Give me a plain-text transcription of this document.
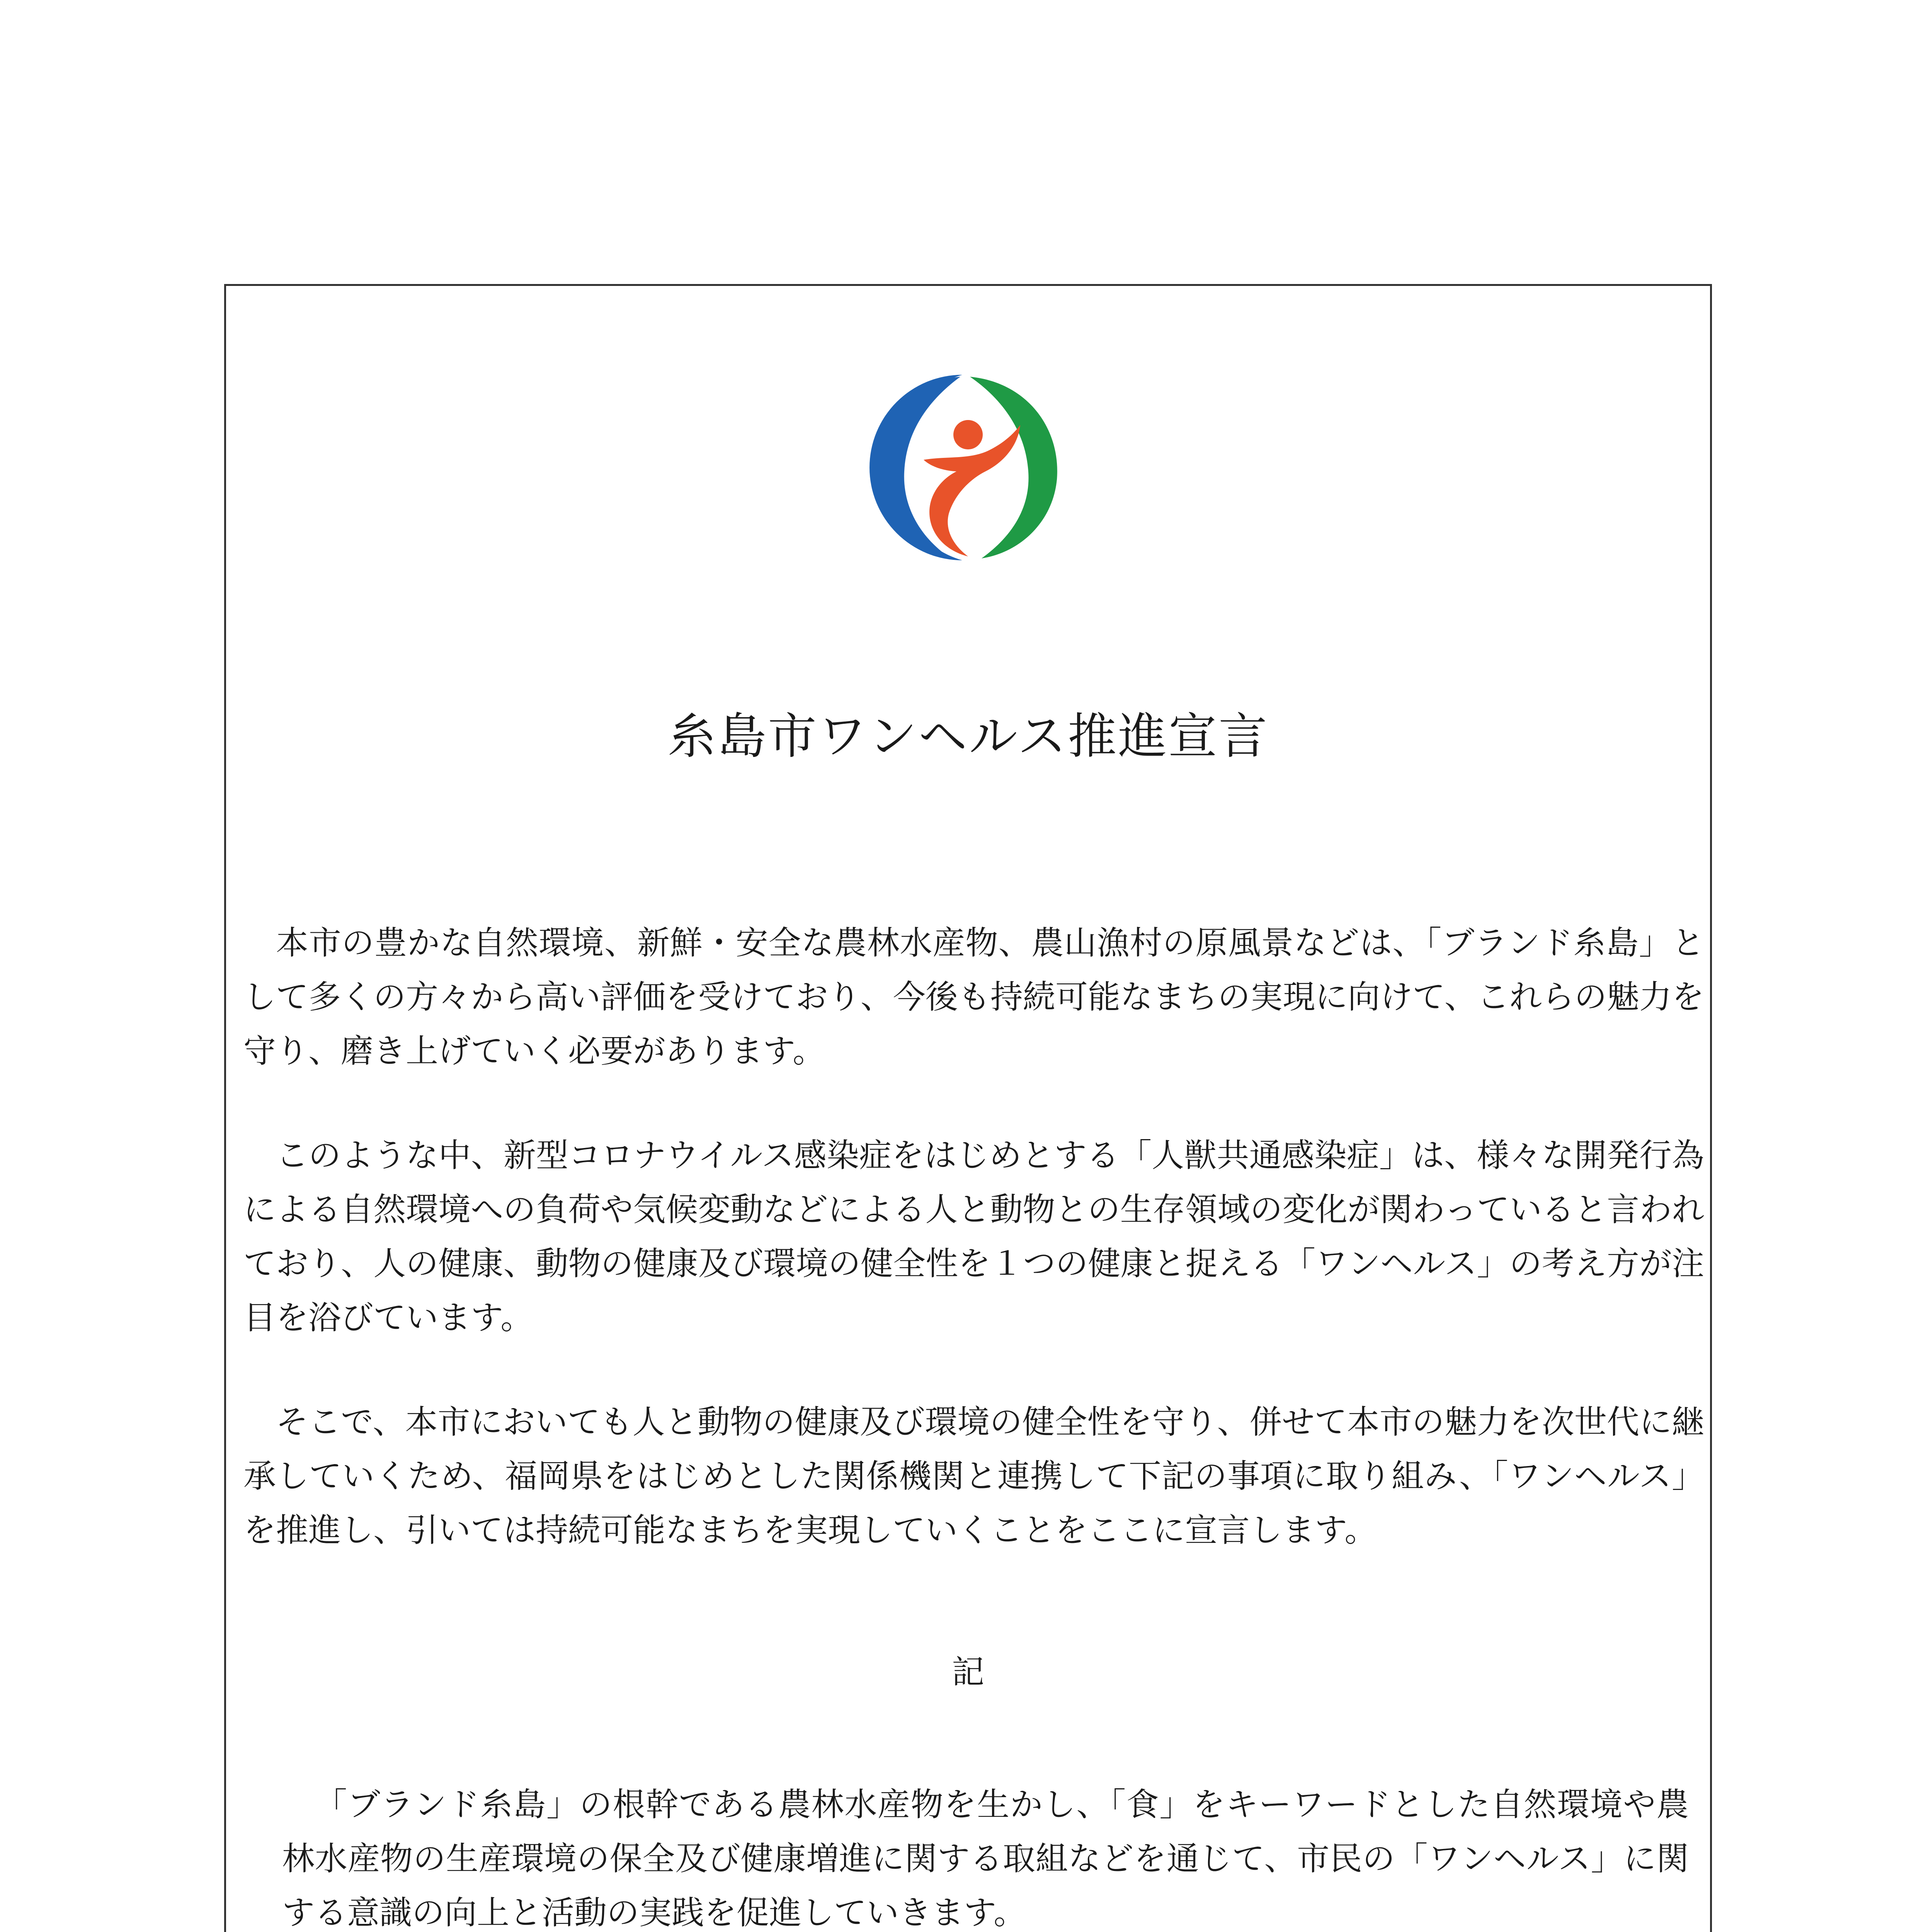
糸島市ワンヘルス推進宣言

本市の豊かな自然環境、新鮮・安全な農林水産物、農山漁村の原風景などは、「ブランド糸島」として多くの方々から高い評価を受けており、今後も持続可能なまちの実現に向けて、これらの魅力を守り、磨き上げていく必要があります。

このような中、新型コロナウイルス感染症をはじめとする「人獣共通感染症」は、様々な開発行為による自然環境への負荷や気候変動などによる人と動物との生存領域の変化が関わっていると言われており、人の健康、動物の健康及び環境の健全性を１つの健康と捉える「ワンヘルス」の考え方が注目を浴びています。

そこで、本市においても人と動物の健康及び環境の健全性を守り、併せて本市の魅力を次世代に継承していくため、福岡県をはじめとした関係機関と連携して下記の事項に取り組み、「ワンヘルス」を推進し、引いては持続可能なまちを実現していくことをここに宣言します。

記

「ブランド糸島」の根幹である農林水産物を生かし、「食」をキーワードとした自然環境や農林水産物の生産環境の保全及び健康増進に関する取組などを通じて、市民の「ワンヘルス」に関する意識の向上と活動の実践を促進していきます。
